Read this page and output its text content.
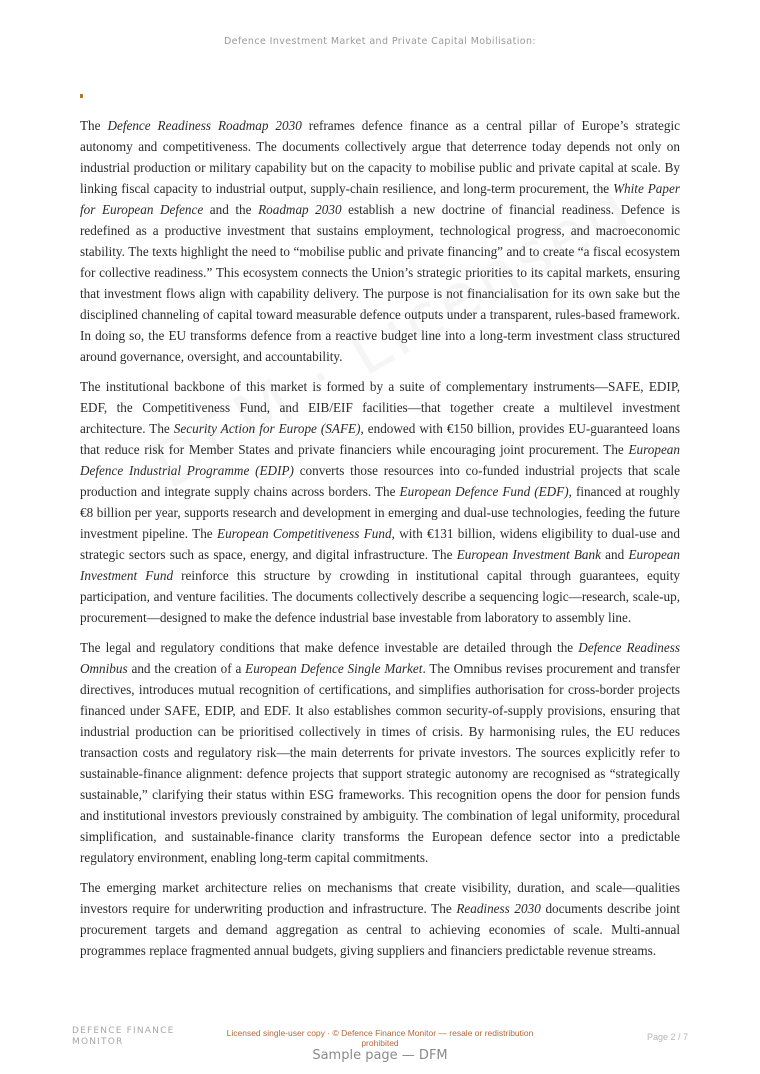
Defence Investment Market and Private Capital Mobilisation:

The Defence Readiness Roadmap 2030 reframes defence finance as a central pillar of Europe’s strategic autonomy and competitiveness. The documents collectively argue that deterrence today depends not only on industrial production or military capability but on the capacity to mobilise public and private capital at scale. By linking fiscal capacity to industrial output, supply-chain resilience, and long-term procurement, the White Paper for European Defence and the Roadmap 2030 establish a new doctrine of financial readiness. Defence is redefined as a productive investment that sustains employment, technological progress, and macroeconomic stability. The texts highlight the need to “mobilise public and private financing” and to create “a fiscal ecosystem for collective readiness.” This ecosystem connects the Union’s strategic priorities to its capital markets, ensuring that investment flows align with capability delivery. The purpose is not financialisation for its own sake but the disciplined channeling of capital toward measurable defence outputs under a transparent, rules-based framework. In doing so, the EU transforms defence from a reactive budget line into a long-term investment class structured around governance, oversight, and accountability.

The institutional backbone of this market is formed by a suite of complementary instruments—SAFE, EDIP, EDF, the Competitiveness Fund, and EIB/EIF facilities—that together create a multilevel investment architecture. The Security Action for Europe (SAFE), endowed with €150 billion, provides EU-guaranteed loans that reduce risk for Member States and private financiers while encouraging joint procurement. The European Defence Industrial Programme (EDIP) converts those resources into co-funded industrial projects that scale production and integrate supply chains across borders. The European Defence Fund (EDF), financed at roughly €8 billion per year, supports research and development in emerging and dual-use technologies, feeding the future investment pipeline. The European Competitiveness Fund, with €131 billion, widens eligibility to dual-use and strategic sectors such as space, energy, and digital infrastructure. The European Investment Bank and European Investment Fund reinforce this structure by crowding in institutional capital through guarantees, equity participation, and venture facilities. The documents collectively describe a sequencing logic—research, scale-up, procurement—designed to make the defence industrial base investable from laboratory to assembly line.

The legal and regulatory conditions that make defence investable are detailed through the Defence Readiness Omnibus and the creation of a European Defence Single Market. The Omnibus revises procurement and transfer directives, introduces mutual recognition of certifications, and simplifies authorisation for cross-border projects financed under SAFE, EDIP, and EDF. It also establishes common security-of-supply provisions, ensuring that industrial production can be prioritised collectively in times of crisis. By harmonising rules, the EU reduces transaction costs and regulatory risk—the main deterrents for private investors. The sources explicitly refer to sustainable-finance alignment: defence projects that support strategic autonomy are recognised as “strategically sustainable,” clarifying their status within ESG frameworks. This recognition opens the door for pension funds and institutional investors previously constrained by ambiguity. The combination of legal uniformity, procedural simplification, and sustainable-finance clarity transforms the European defence sector into a predictable regulatory environment, enabling long-term capital commitments.

The emerging market architecture relies on mechanisms that create visibility, duration, and scale—qualities investors require for underwriting production and infrastructure. The Readiness 2030 documents describe joint procurement targets and demand aggregation as central to achieving economies of scale. Multi-annual programmes replace fragmented annual budgets, giving suppliers and financiers predictable revenue streams.

DEFENCE FINANCE
MONITOR
Licensed single-user copy · © Defence Finance Monitor — resale or redistribution prohibited
Page 2 / 7
Sample page — DFM
